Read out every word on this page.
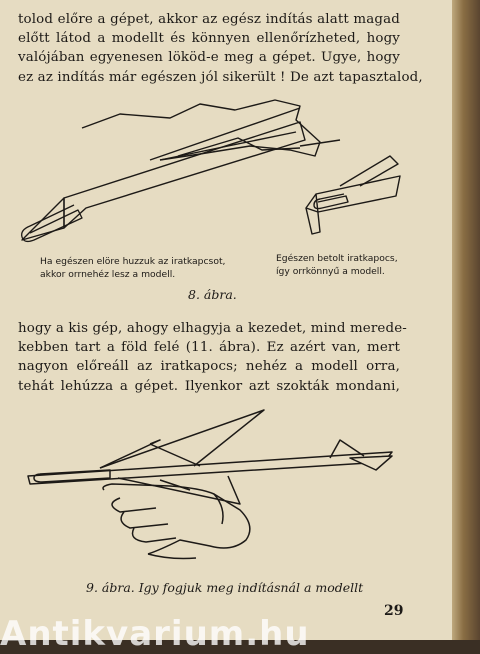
tolod előre a gépet, akkor az egész indítás alatt magad
előtt látod a modellt és könnyen ellenőrízheted, hogy
valójában egyenesen lököd-e meg a gépet. Ugye, hogy
ez az indítás már egészen jól sikerült ! De azt tapasztalod,
Ha egészen elöre huzzuk az iratkapcsot,
akkor orrnehéz lesz a modell.
Egészen betolt iratkapocs,
így orrkönnyű a modell.
8. ábra.
hogy a kis gép, ahogy elhagyja a kezedet, mind merede-
kebben tart a föld felé (11. ábra). Ez azért van, mert
nagyon előreáll az iratkapocs; nehéz a modell orra,
tehát lehúzza a gépet. Ilyenkor azt szokták mondani,
9. ábra. Igy fogjuk meg indításnál a modellt
29
Antikvarium.hu
